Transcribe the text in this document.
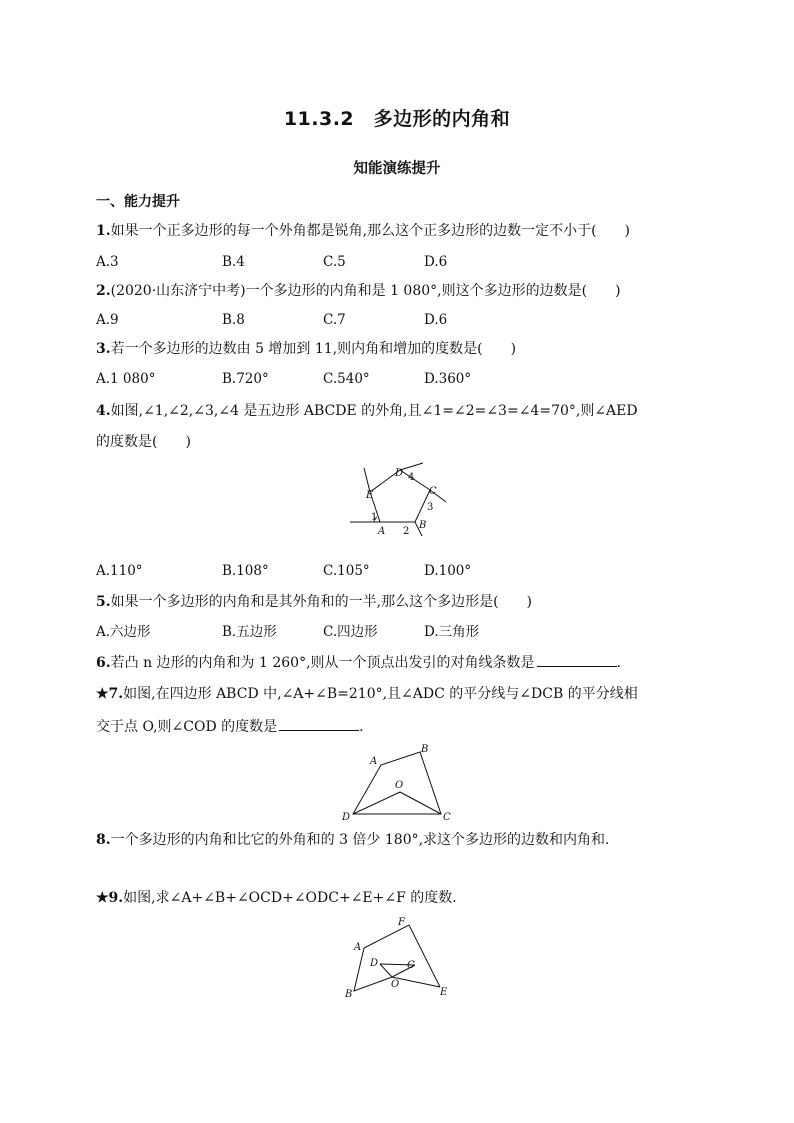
11.3.2　多边形的内角和
知能演练提升
一、能力提升
1.如果一个正多边形的每一个外角都是锐角,那么这个正多边形的边数一定不小于(　　)
A.3	B.4	C.5	D.6
2.(2020·山东济宁中考)一个多边形的内角和是 1 080°,则这个多边形的边数是(　　)
A.9	B.8	C.7	D.6
3.若一个多边形的边数由 5 增加到 11,则内角和增加的度数是(　　)
A.1 080°	B.720°	C.540°	D.360°
4.如图,∠1,∠2,∠3,∠4 是五边形 ABCDE 的外角,且∠1=∠2=∠3=∠4=70°,则∠AED
的度数是(　　)
A
B
C
D
E
1
2
3
4
A.110°	B.108°	C.105°	D.100°
5.如果一个多边形的内角和是其外角和的一半,那么这个多边形是(　　)
A.六边形	B.五边形	C.四边形	D.三角形
6.若凸 n 边形的内角和为 1 260°,则从一个顶点出发引的对角线条数是	.
★7.如图,在四边形 ABCD 中,∠A+∠B=210°,且∠ADC 的平分线与∠DCB 的平分线相
交于点 O,则∠COD 的度数是	.
A
B
C
D
O
8.一个多边形的内角和比它的外角和的 3 倍少 180°,求这个多边形的边数和内角和.
★9.如图,求∠A+∠B+∠OCD+∠ODC+∠E+∠F 的度数.
A
B
C
D
E
F
O
